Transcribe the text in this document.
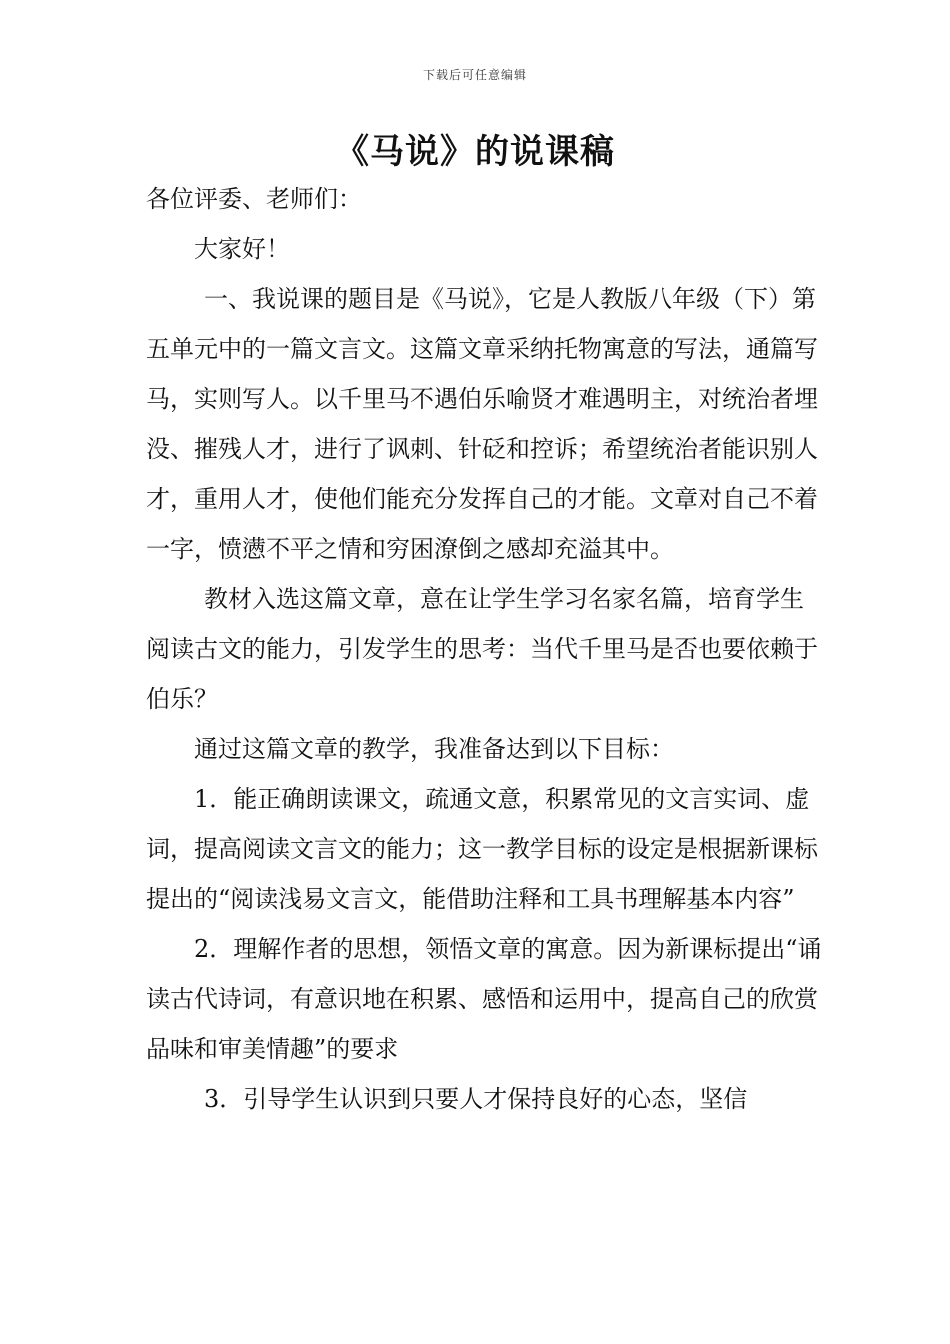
下载后可任意编辑
《马说》的说课稿

各位评委、老师们：

大家好！

一、我说课的题目是《马说》，它是人教版八年级（下）第五单元中的一篇文言文。这篇文章采纳托物寓意的写法，通篇写马，实则写人。以千里马不遇伯乐喻贤才难遇明主，对统治者埋没、摧残人才，进行了讽刺、针砭和控诉；希望统治者能识别人才，重用人才，使他们能充分发挥自己的才能。文章对自己不着一字，愤懑不平之情和穷困潦倒之感却充溢其中。

教材入选这篇文章，意在让学生学习名家名篇，培育学生阅读古文的能力，引发学生的思考：当代千里马是否也要依赖于伯乐？

通过这篇文章的教学，我准备达到以下目标：

1．能正确朗读课文，疏通文意，积累常见的文言实词、虚词，提高阅读文言文的能力；这一教学目标的设定是根据新课标提出的“阅读浅易文言文，能借助注释和工具书理解基本内容”

2．理解作者的思想，领悟文章的寓意。因为新课标提出“诵读古代诗词，有意识地在积累、感悟和运用中，提高自己的欣赏品味和审美情趣”的要求

3．引导学生认识到只要人才保持良好的心态，坚信
